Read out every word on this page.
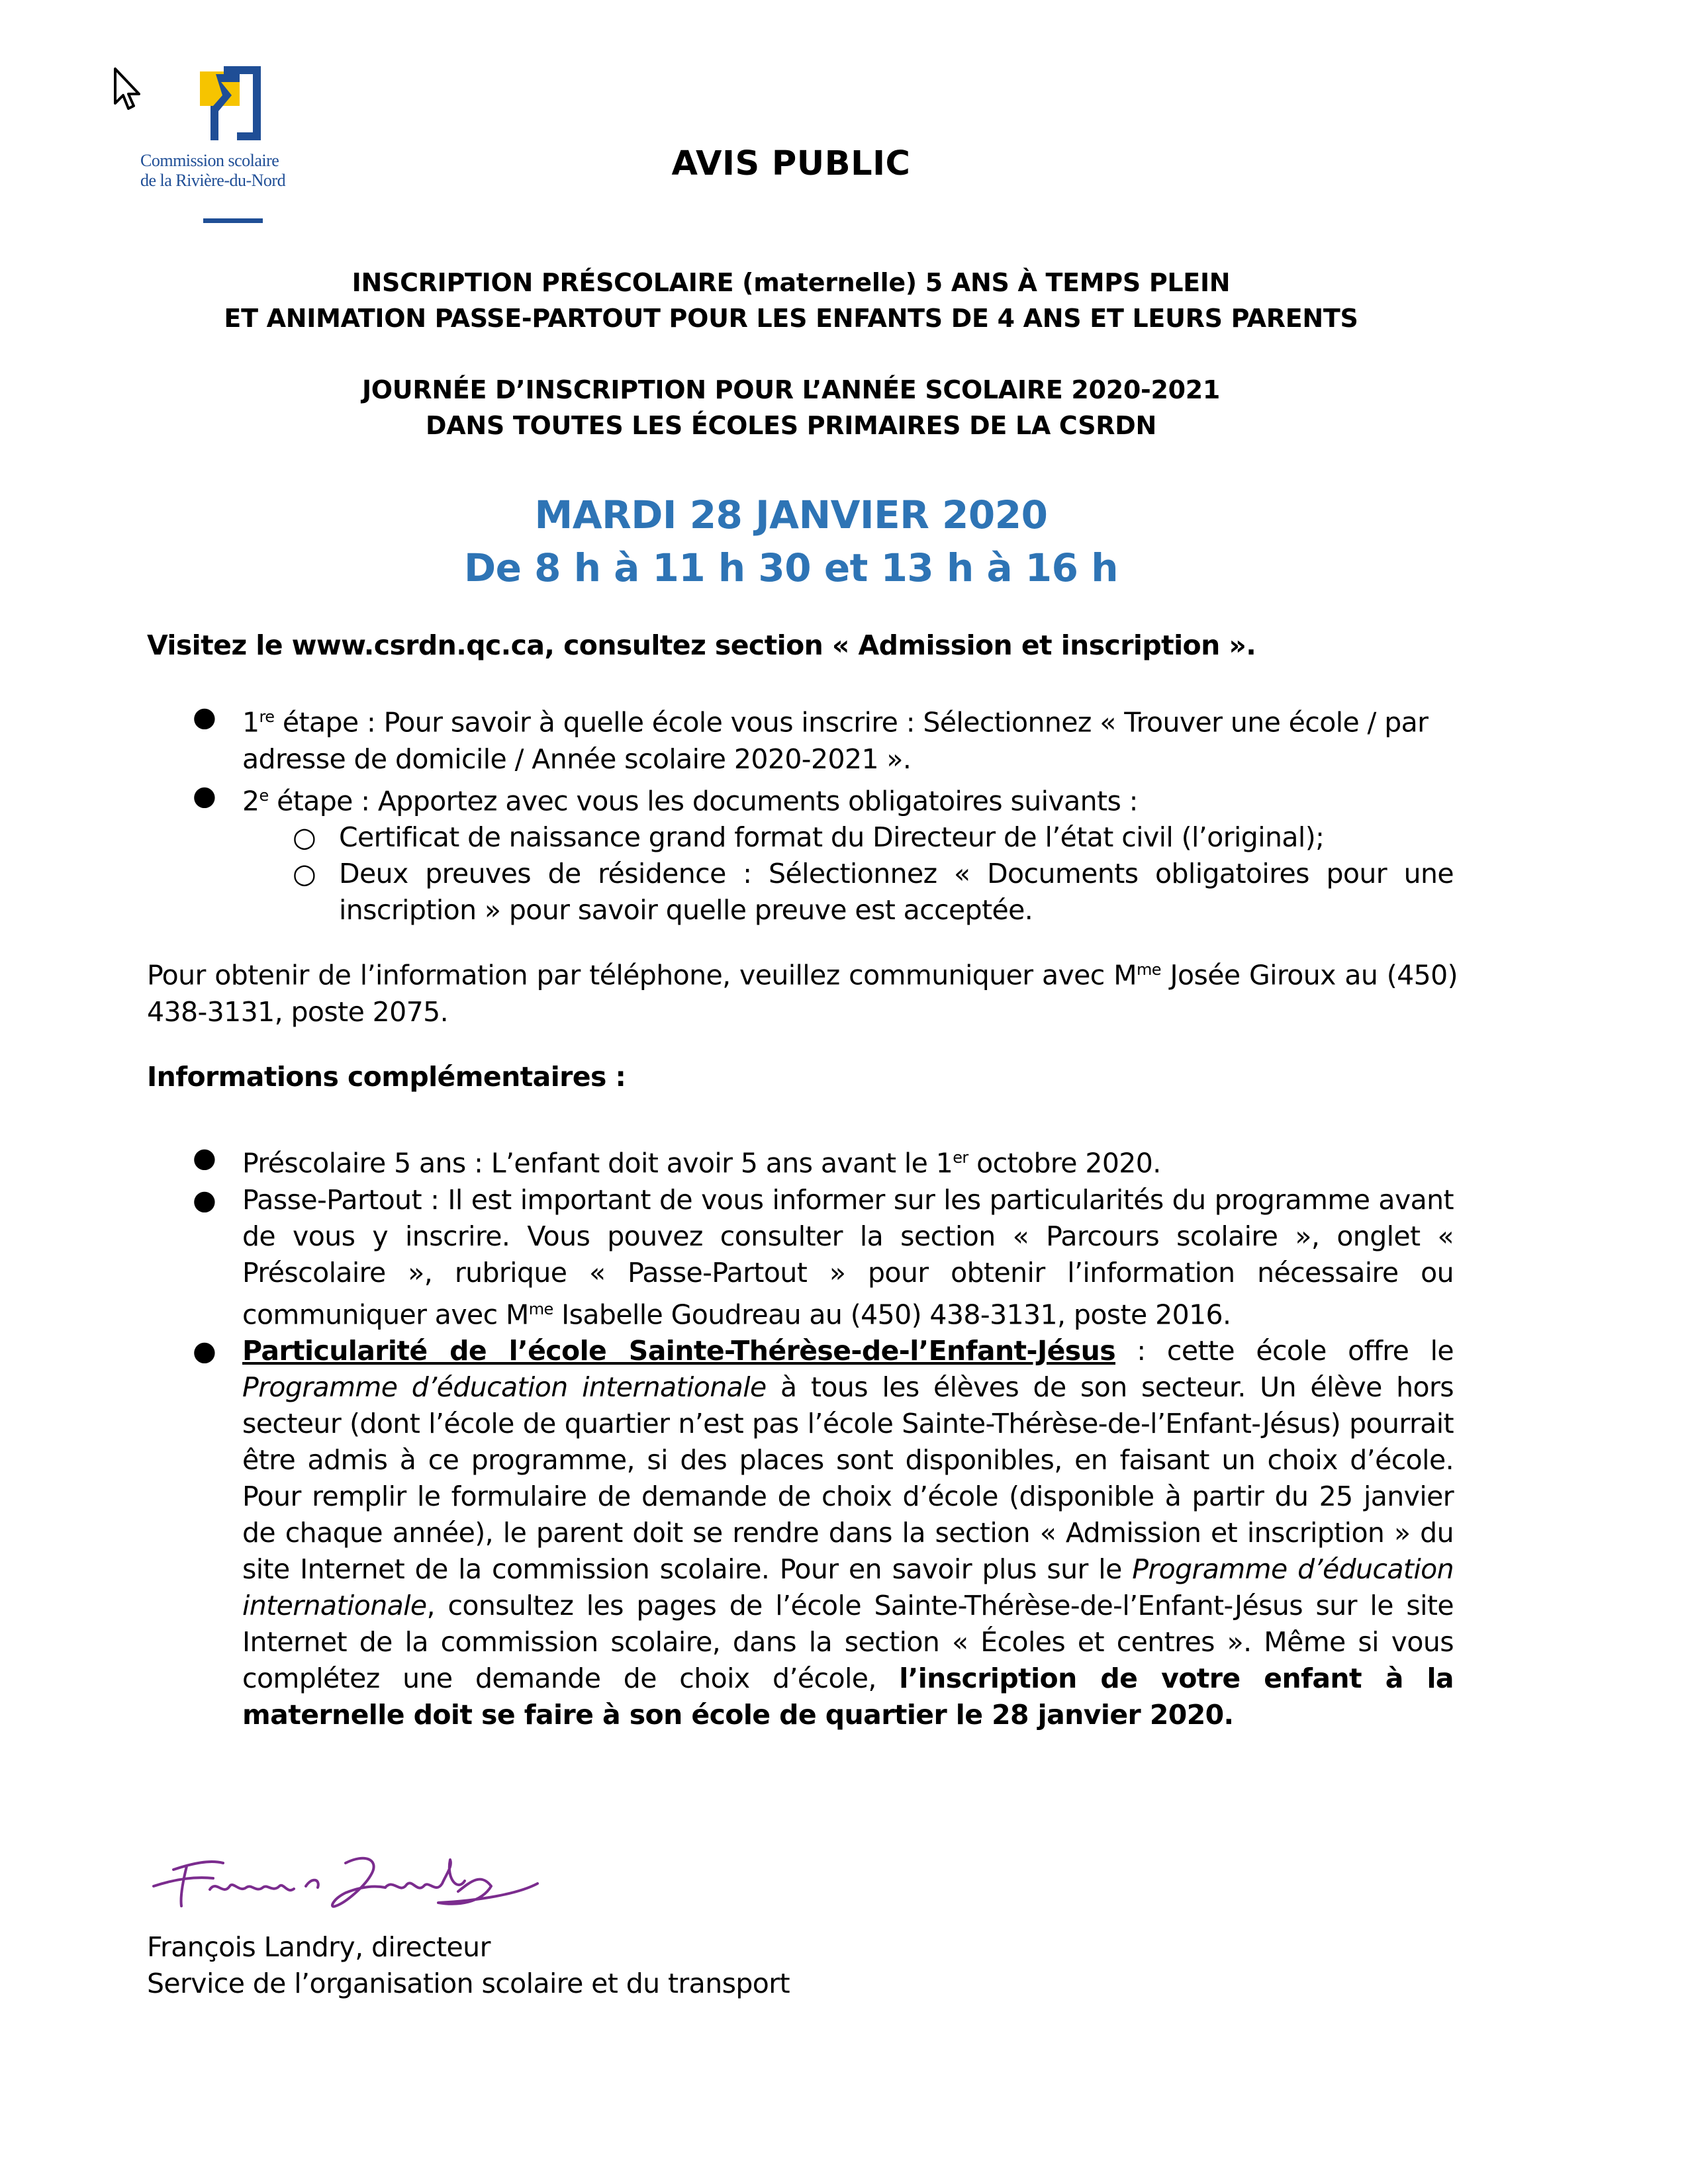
Commission scolaire
de la Rivière-du-Nord	AVIS PUBLIC
INSCRIPTION PRÉSCOLAIRE (maternelle) 5 ANS À TEMPS PLEIN
ET ANIMATION PASSE-PARTOUT POUR LES ENFANTS DE 4 ANS ET LEURS PARENTS
JOURNÉE D’INSCRIPTION POUR L’ANNÉE SCOLAIRE 2020-2021
DANS TOUTES LES ÉCOLES PRIMAIRES DE LA CSRDN
MARDI 28 JANVIER 2020
De 8 h à 11 h 30 et 13 h à 16 h
Visitez le www.csrdn.qc.ca, consultez section « Admission et inscription ».
● 1re étape : Pour savoir à quelle école vous inscrire : Sélectionnez « Trouver une école / par adresse de domicile / Année scolaire 2020-2021 ».
● 2e étape : Apportez avec vous les documents obligatoires suivants :
○ Certificat de naissance grand format du Directeur de l’état civil (l’original);
○ Deux preuves de résidence : Sélectionnez « Documents obligatoires pour une inscription » pour savoir quelle preuve est acceptée.
Pour obtenir de l’information par téléphone, veuillez communiquer avec $M^{me}$ Josée Giroux au (450) 438-3131, poste 2075.
Informations complémentaires :
● Préscolaire 5 ans : L’enfant doit avoir 5 ans avant le 1er octobre 2020.
● Passe-Partout : Il est important de vous informer sur les particularités du programme avant de vous y inscrire. Vous pouvez consulter la section « Parcours scolaire », onglet « Préscolaire », rubrique « Passe-Partout » pour obtenir l’information nécessaire ou communiquer avec $M^{me}$ Isabelle Goudreau au (450) 438-3131, poste 2016.
● Particularité de l’école Sainte-Thérèse-de-l’Enfant-Jésus : cette école offre le Programme d’éducation internationale à tous les élèves de son secteur. Un élève hors secteur (dont l’école de quartier n’est pas l’école Sainte-Thérèse-de-l’Enfant-Jésus) pourrait être admis à ce programme, si des places sont disponibles, en faisant un choix d’école. Pour remplir le formulaire de demande de choix d’école (disponible à partir du 25 janvier de chaque année), le parent doit se rendre dans la section « Admission et inscription » du site Internet de la commission scolaire. Pour en savoir plus sur le Programme d’éducation internationale, consultez les pages de l’école Sainte-Thérèse-de-l’Enfant-Jésus sur le site Internet de la commission scolaire, dans la section « Écoles et centres ». Même si vous complétez une demande de choix d’école, l’inscription de votre enfant à la maternelle doit se faire à son école de quartier le 28 janvier 2020.
François Landry, directeur
Service de l’organisation scolaire et du transport
